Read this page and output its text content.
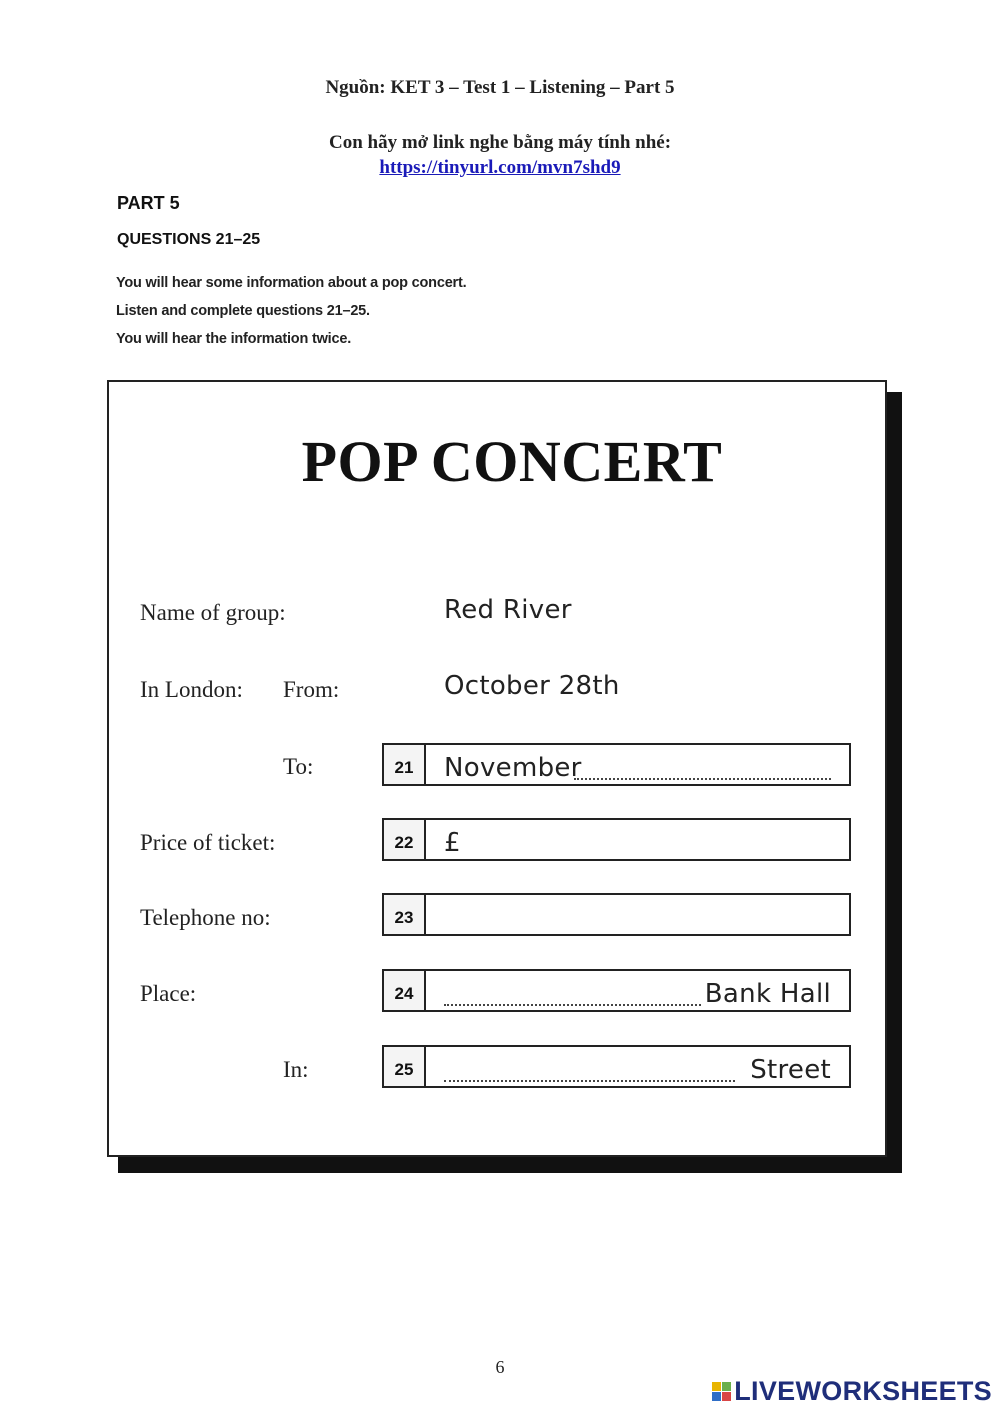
Nguồn: KET 3 – Test 1 – Listening – Part 5
Con hãy mở link nghe bằng máy tính nhé:
https://tinyurl.com/mvn7shd9
PART 5
QUESTIONS 21–25
You will hear some information about a pop concert.
Listen and complete questions 21–25.
You will hear the information twice.
POP CONCERT
Name of group:	Red River
In London: From:	October 28th
To:	21	November
Price of ticket:	22	£
Telephone no:	23
Place:	24	Bank Hall
In:	25	Street
6
LIVEWORKSHEETS
